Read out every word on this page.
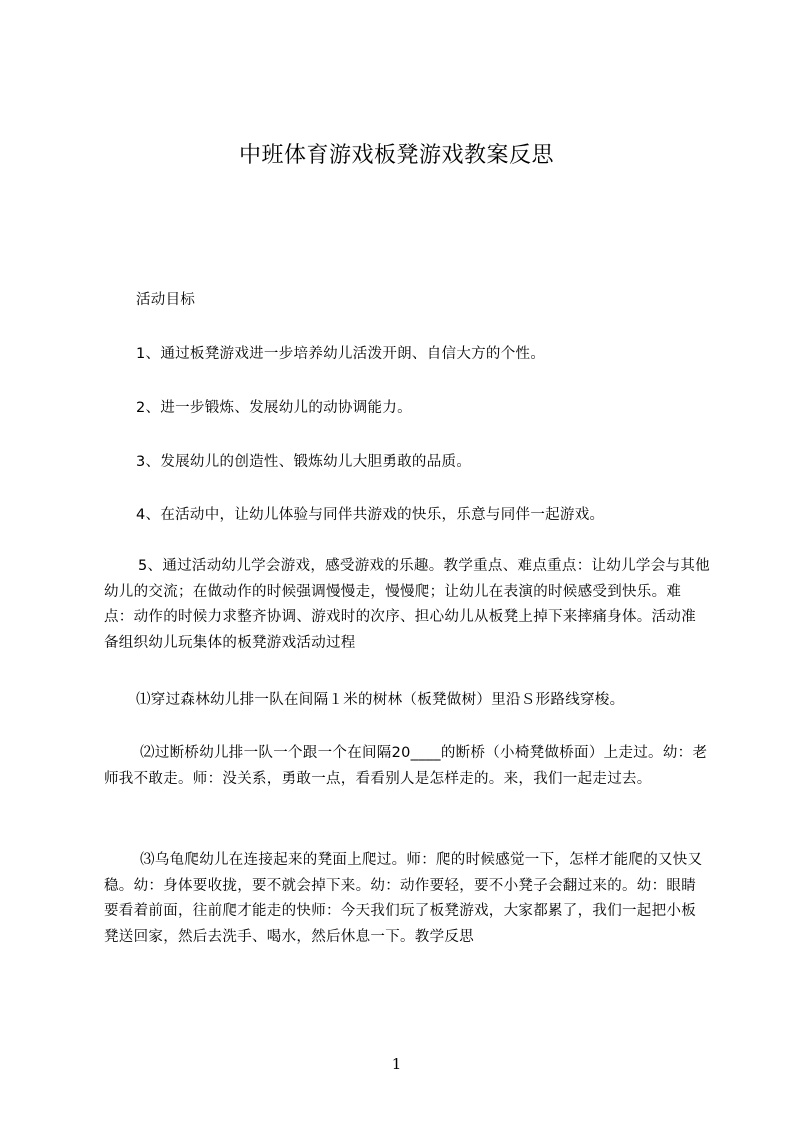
中班体育游戏板凳游戏教案反思

活动目标

1、通过板凳游戏进一步培养幼儿活泼开朗、自信大方的个性。

2、进一步锻炼、发展幼儿的动协调能力。

3、发展幼儿的创造性、锻炼幼儿大胆勇敢的品质。

4、在活动中，让幼儿体验与同伴共游戏的快乐，乐意与同伴一起游戏。

5、通过活动幼儿学会游戏，感受游戏的乐趣。教学重点、难点重点：让幼儿学会与其他幼儿的交流；在做动作的时候强调慢慢走，慢慢爬；让幼儿在表演的时候感受到快乐。难点：动作的时候力求整齐协调、游戏时的次序、担心幼儿从板凳上掉下来摔痛身体。活动准备组织幼儿玩集体的板凳游戏活动过程

⑴穿过森林幼儿排一队在间隔１米的树林（板凳做树）里沿Ｓ形路线穿梭。

⑵过断桥幼儿排一队一个跟一个在间隔20____的断桥（小椅凳做桥面）上走过。幼：老师我不敢走。师：没关系，勇敢一点，看看别人是怎样走的。来，我们一起走过去。

⑶乌龟爬幼儿在连接起来的凳面上爬过。师：爬的时候感觉一下，怎样才能爬的又快又稳。幼：身体要收拢，要不就会掉下来。幼：动作要轻，要不小凳子会翻过来的。幼：眼睛要看着前面，往前爬才能走的快师：今天我们玩了板凳游戏，大家都累了，我们一起把小板凳送回家，然后去洗手、喝水，然后休息一下。教学反思

1
